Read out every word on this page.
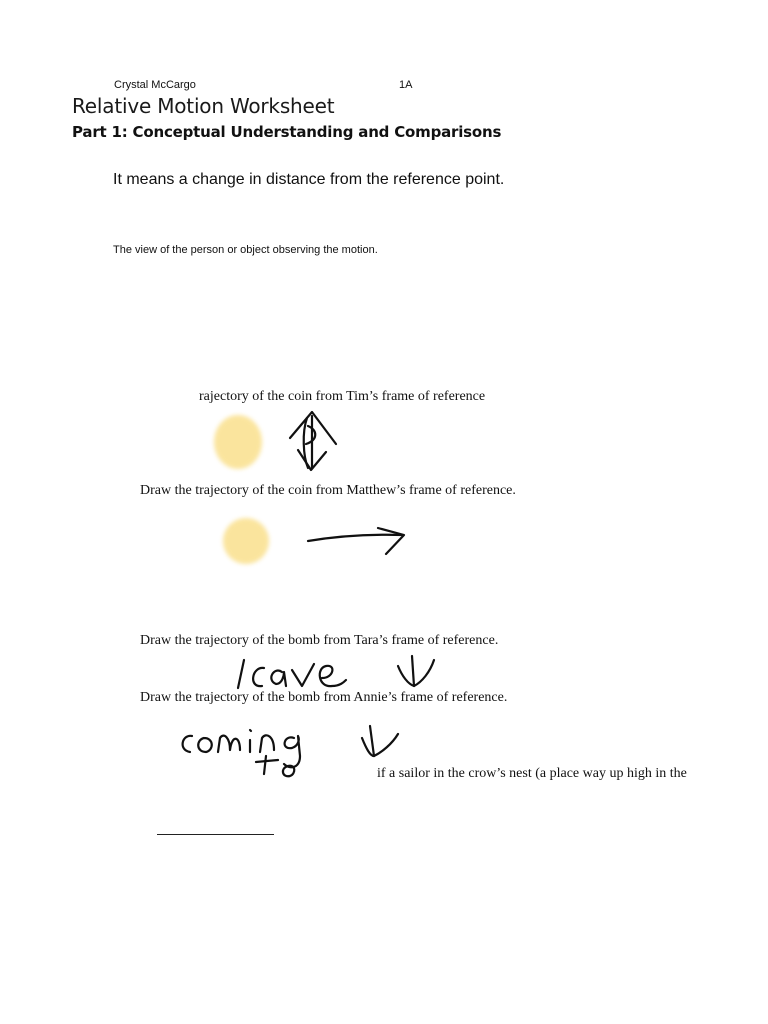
Crystal McCargo	1A
Relative Motion Worksheet
Part 1: Conceptual Understanding and Comparisons
It means a change in distance from the reference point.
The view of the person or object observing the motion.
rajectory of the coin from Tim’s frame of reference
Draw the trajectory of the coin from Matthew’s frame of reference.
Draw the trajectory of the bomb from Tara’s frame of reference.
Draw the trajectory of the bomb from Annie’s frame of reference.
if a sailor in the crow’s nest (a place way up high in the
